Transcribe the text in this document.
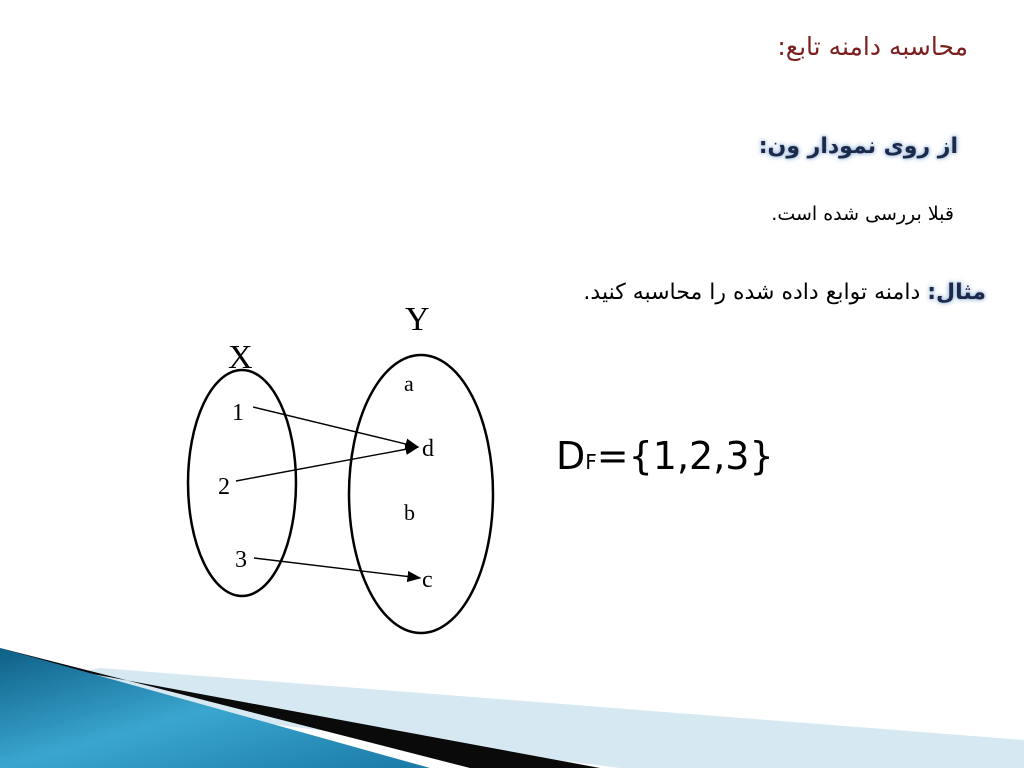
محاسبه دامنه تابع:
از روی نمودار ون:
قبلا بررسی شده است.
مثال: دامنه توابع داده شده را محاسبه کنید.
DF={1,2,3}
X
Y
1
2
3
a
d
b
c
